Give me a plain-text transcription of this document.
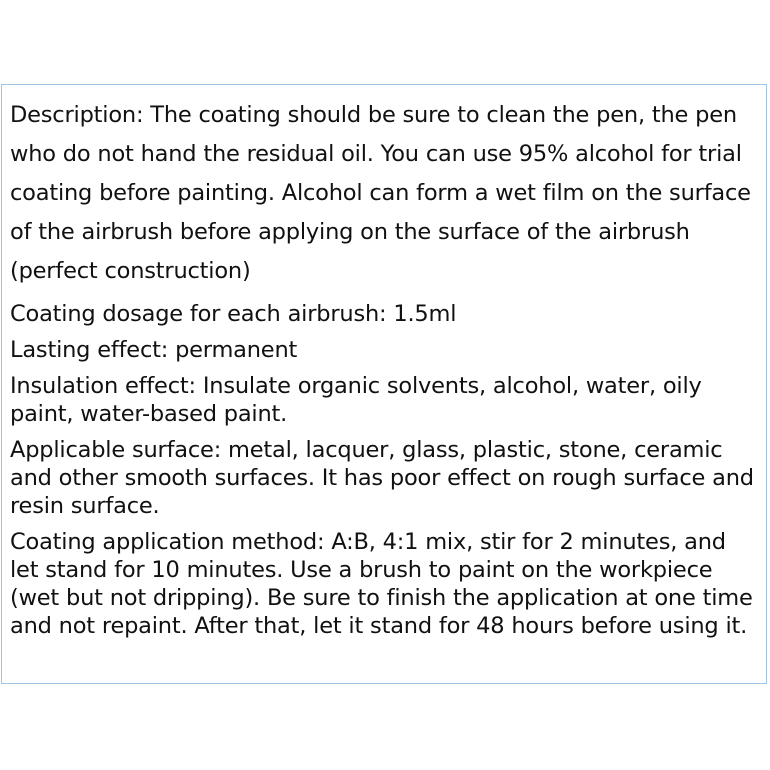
Description: The coating should be sure to clean the pen, the pen who do not hand the residual oil. You can use 95% alcohol for trial coating before painting. Alcohol can form a wet film on the surface of the airbrush before applying on the surface of the airbrush (perfect construction)

Coating dosage for each airbrush: 1.5ml

Lasting effect: permanent

Insulation effect: Insulate organic solvents, alcohol, water, oily paint, water-based paint.

Applicable surface: metal, lacquer, glass, plastic, stone, ceramic and other smooth surfaces. It has poor effect on rough surface and resin surface.

Coating application method: A:B, 4:1 mix, stir for 2 minutes, and let stand for 10 minutes. Use a brush to paint on the workpiece (wet but not dripping). Be sure to finish the application at one time and not repaint. After that, let it stand for 48 hours before using it.
